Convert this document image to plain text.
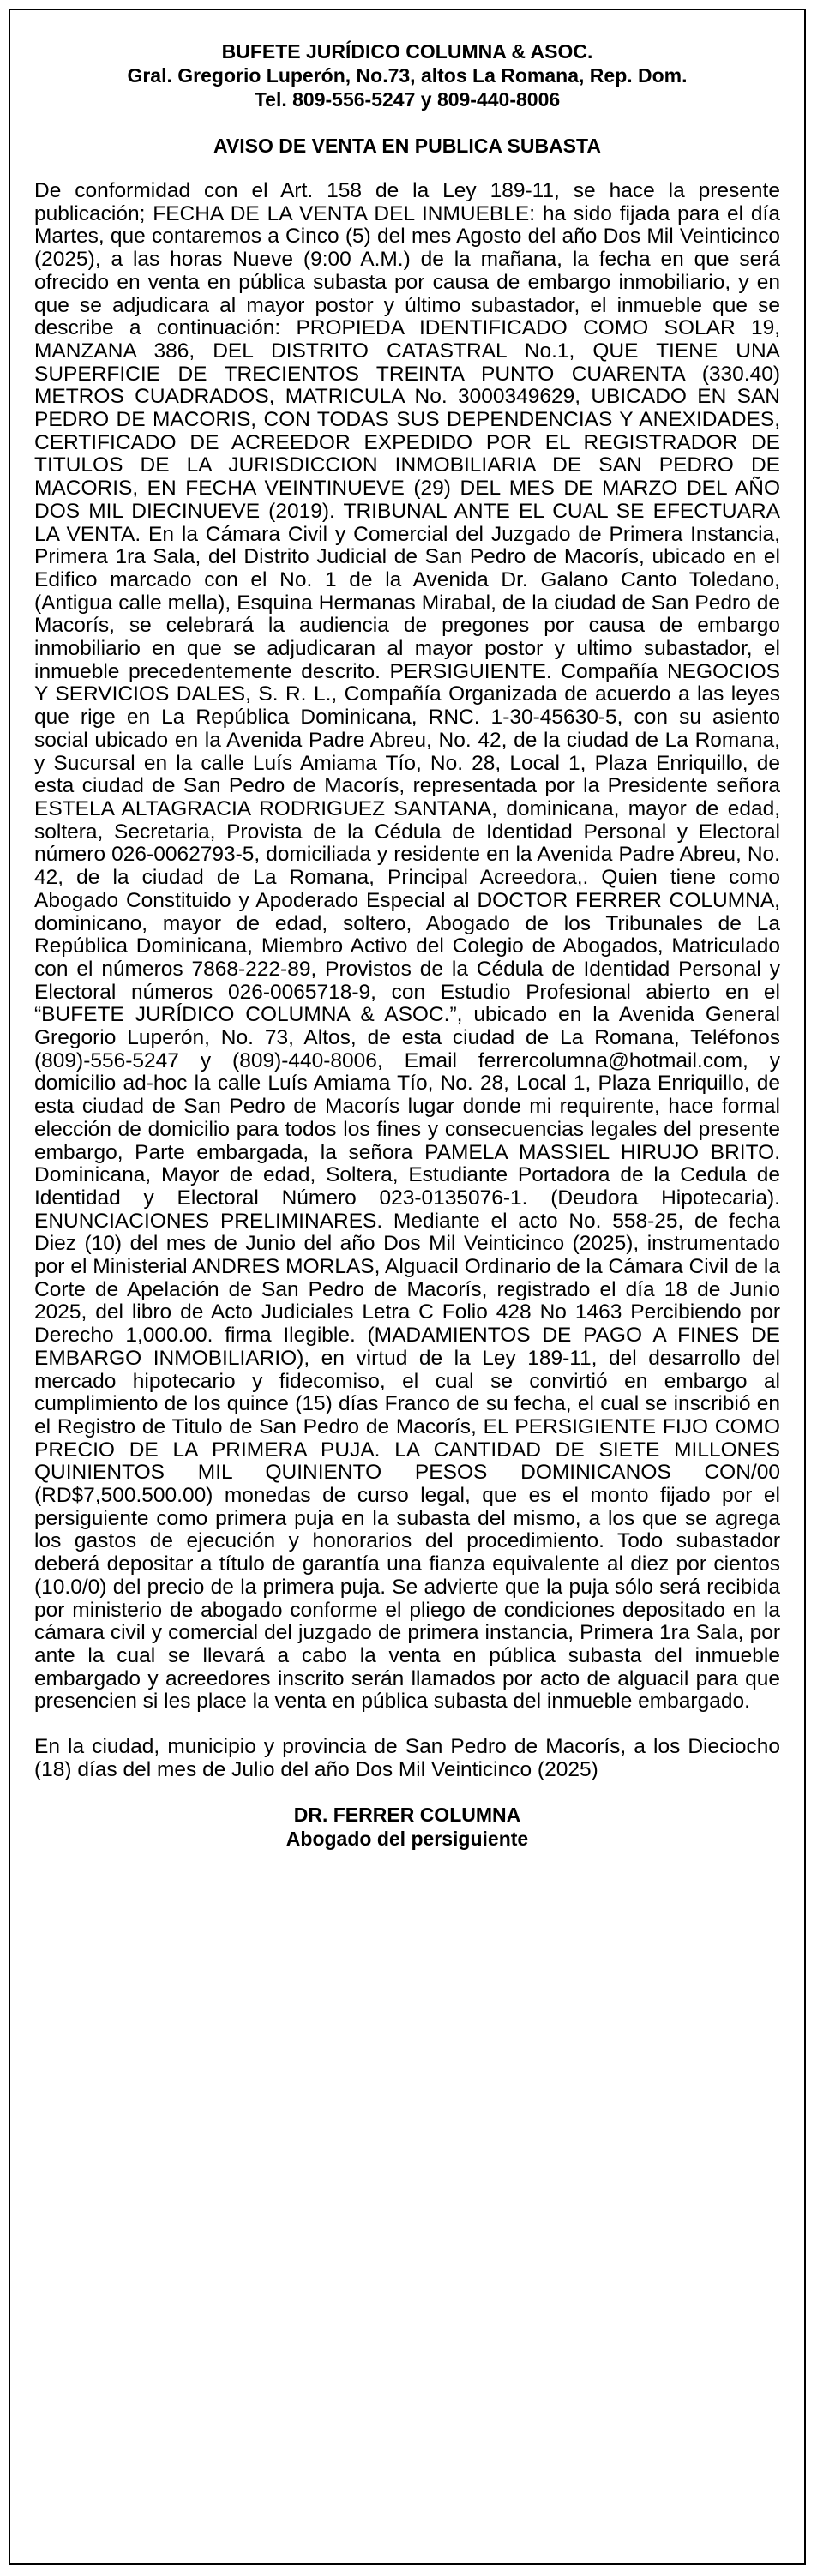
BUFETE JURÍDICO COLUMNA & ASOC.
Gral. Gregorio Luperón, No.73, altos La Romana, Rep. Dom.
Tel. 809-556-5247 y 809-440-8006
AVISO DE VENTA EN PUBLICA SUBASTA

De conformidad con el Art. 158 de la Ley 189-11, se hace la presente publicación; FECHA DE LA VENTA DEL INMUEBLE: ha sido fijada para el día Martes, que contaremos a Cinco (5) del mes Agosto del año Dos Mil Veinticinco (2025), a las horas Nueve (9:00 A.M.) de la mañana, la fecha en que será ofrecido en venta en pública subasta por causa de embargo inmobiliario, y en que se adjudicara al mayor postor y último subastador, el inmueble que se describe a continuación: PROPIEDA IDENTIFICADO COMO SOLAR 19, MANZANA 386, DEL DISTRITO CATASTRAL No.1, QUE TIENE UNA SUPERFICIE DE TRECIENTOS TREINTA PUNTO CUARENTA (330.40) METROS CUADRADOS, MATRICULA No. 3000349629, UBICADO EN SAN PEDRO DE MACORIS, CON TODAS SUS DEPENDENCIAS Y ANEXIDADES, CERTIFICADO DE ACREEDOR EXPEDIDO POR EL REGISTRADOR DE TITULOS DE LA JURISDICCION INMOBILIARIA DE SAN PEDRO DE MACORIS, EN FECHA VEINTINUEVE (29) DEL MES DE MARZO DEL AÑO DOS MIL DIECINUEVE (2019). TRIBUNAL ANTE EL CUAL SE EFECTUARA LA VENTA. En la Cámara Civil y Comercial del Juzgado de Primera Instancia, Primera 1ra Sala, del Distrito Judicial de San Pedro de Macorís, ubicado en el Edifico marcado con el No. 1 de la Avenida Dr. Galano Canto Toledano, (Antigua calle mella), Esquina Hermanas Mirabal, de la ciudad de San Pedro de Macorís, se celebrará la audiencia de pregones por causa de embargo inmobiliario en que se adjudicaran al mayor postor y ultimo subastador, el inmueble precedentemente descrito. PERSIGUIENTE. Compañía NEGOCIOS Y SERVICIOS DALES, S. R. L., Compañía Organizada de acuerdo a las leyes que rige en La República Dominicana, RNC. 1-30-45630-5, con su asiento social ubicado en la Avenida Padre Abreu, No. 42, de la ciudad de La Romana, y Sucursal en la calle Luís Amiama Tío, No. 28, Local 1, Plaza Enriquillo, de esta ciudad de San Pedro de Macorís, representada por la Presidente señora ESTELA ALTAGRACIA RODRIGUEZ SANTANA, dominicana, mayor de edad, soltera, Secretaria, Provista de la Cédula de Identidad Personal y Electoral número 026-0062793-5, domiciliada y residente en la Avenida Padre Abreu, No. 42, de la ciudad de La Romana, Principal Acreedora,. Quien tiene como Abogado Constituido y Apoderado Especial al DOCTOR FERRER COLUMNA, dominicano, mayor de edad, soltero, Abogado de los Tribunales de La República Dominicana, Miembro Activo del Colegio de Abogados, Matriculado con el números 7868-222-89, Provistos de la Cédula de Identidad Personal y Electoral números 026-0065718-9, con Estudio Profesional abierto en el “BUFETE JURÍDICO COLUMNA & ASOC.”, ubicado en la Avenida General Gregorio Luperón, No. 73, Altos, de esta ciudad de La Romana, Teléfonos (809)-556-5247 y (809)-440-8006, Email ferrercolumna@hotmail.com, y domicilio ad-hoc la calle Luís Amiama Tío, No. 28, Local 1, Plaza Enriquillo, de esta ciudad de San Pedro de Macorís lugar donde mi requirente, hace formal elección de domicilio para todos los fines y consecuencias legales del presente embargo, Parte embargada, la señora PAMELA MASSIEL HIRUJO BRITO. Dominicana, Mayor de edad, Soltera, Estudiante Portadora de la Cedula de Identidad y Electoral Número 023-0135076-1. (Deudora Hipotecaria). ENUNCIACIONES PRELIMINARES. Mediante el acto No. 558-25, de fecha Diez (10) del mes de Junio del año Dos Mil Veinticinco (2025), instrumentado por el Ministerial ANDRES MORLAS, Alguacil Ordinario de la Cámara Civil de la Corte de Apelación de San Pedro de Macorís, registrado el día 18 de Junio 2025, del libro de Acto Judiciales Letra C Folio 428 No 1463 Percibiendo por Derecho 1,000.00. firma Ilegible. (MADAMIENTOS DE PAGO A FINES DE EMBARGO INMOBILIARIO), en virtud de la Ley 189-11, del desarrollo del mercado hipotecario y fidecomiso, el cual se convirtió en embargo al cumplimiento de los quince (15) días Franco de su fecha, el cual se inscribió en el Registro de Titulo de San Pedro de Macorís, EL PERSIGIENTE FIJO COMO PRECIO DE LA PRIMERA PUJA. LA CANTIDAD DE SIETE MILLONES QUINIENTOS MIL QUINIENTO PESOS DOMINICANOS CON/00 (RD$7,500.500.00) monedas de curso legal, que es el monto fijado por el persiguiente como primera puja en la subasta del mismo, a los que se agrega los gastos de ejecución y honorarios del procedimiento. Todo subastador deberá depositar a título de garantía una fianza equivalente al diez por cientos (10.0/0) del precio de la primera puja. Se advierte que la puja sólo será recibida por ministerio de abogado conforme el pliego de condiciones depositado en la cámara civil y comercial del juzgado de primera instancia, Primera 1ra Sala, por ante la cual se llevará a cabo la venta en pública subasta del inmueble embargado y acreedores inscrito serán llamados por acto de alguacil para que presencien si les place la venta en pública subasta del inmueble embargado.

En la ciudad, municipio y provincia de San Pedro de Macorís, a los Dieciocho (18) días del mes de Julio del año Dos Mil Veinticinco (2025)

DR. FERRER COLUMNA
Abogado del persiguiente
